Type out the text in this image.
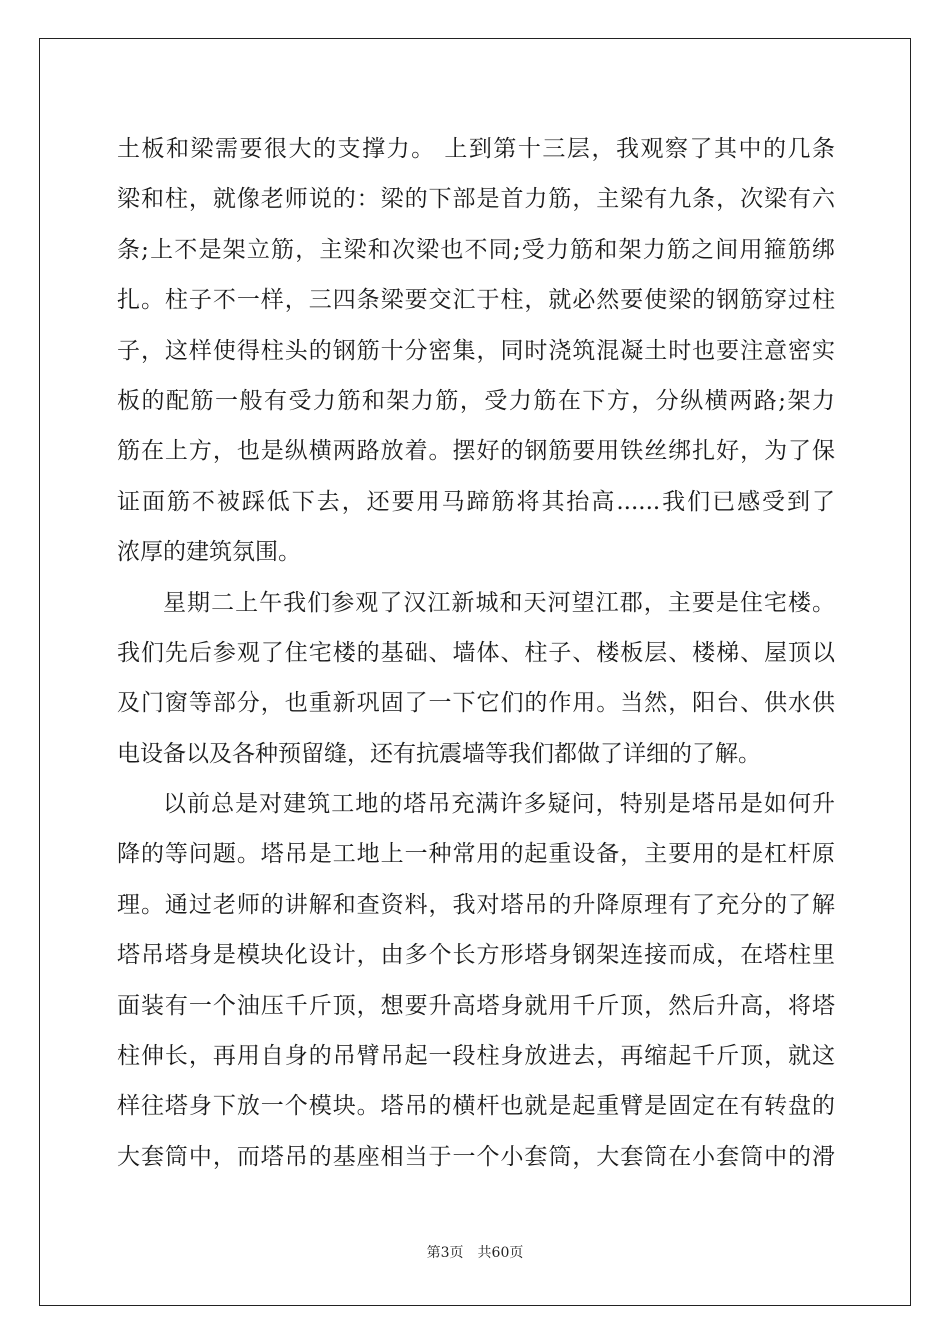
土板和梁需要很大的支撑力。 上到第十三层，我观察了其中的几条
梁和柱，就像老师说的：梁的下部是首力筋，主梁有九条，次梁有六
条;上不是架立筋，主梁和次梁也不同;受力筋和架力筋之间用箍筋绑
扎。柱子不一样，三四条梁要交汇于柱，就必然要使梁的钢筋穿过柱
子，这样使得柱头的钢筋十分密集，同时浇筑混凝土时也要注意密实
板的配筋一般有受力筋和架力筋，受力筋在下方，分纵横两路;架力
筋在上方，也是纵横两路放着。摆好的钢筋要用铁丝绑扎好，为了保
证面筋不被踩低下去，还要用马蹄筋将其抬高......我们已感受到了
浓厚的建筑氛围。
星期二上午我们参观了汉江新城和天河望江郡，主要是住宅楼。
我们先后参观了住宅楼的基础、墙体、柱子、楼板层、楼梯、屋顶以
及门窗等部分，也重新巩固了一下它们的作用。当然，阳台、供水供
电设备以及各种预留缝，还有抗震墙等我们都做了详细的了解。
以前总是对建筑工地的塔吊充满许多疑问，特别是塔吊是如何升
降的等问题。塔吊是工地上一种常用的起重设备，主要用的是杠杆原
理。通过老师的讲解和查资料，我对塔吊的升降原理有了充分的了解
塔吊塔身是模块化设计，由多个长方形塔身钢架连接而成，在塔柱里
面装有一个油压千斤顶，想要升高塔身就用千斤顶，然后升高，将塔
柱伸长，再用自身的吊臂吊起一段柱身放进去，再缩起千斤顶，就这
样往塔身下放一个模块。塔吊的横杆也就是起重臂是固定在有转盘的
大套筒中，而塔吊的基座相当于一个小套筒，大套筒在小套筒中的滑
第3页 共60页
